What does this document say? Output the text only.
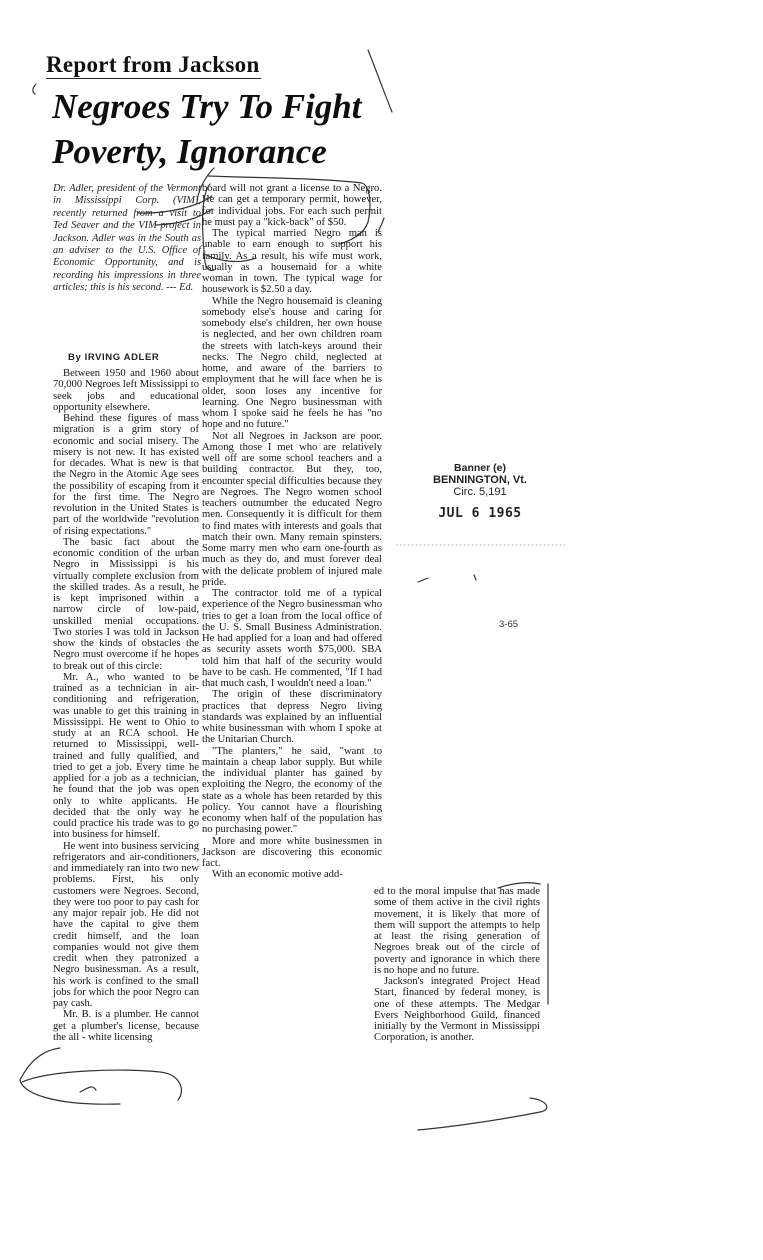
Report from Jackson
Negroes Try To Fight Poverty, Ignorance
Dr. Adler, president of the Vermont in Mississippi Corp. (VIM), recently returned from a visit to Ted Seaver and the VIM project in Jackson. Adler was in the South as an adviser to the U.S. Office of Economic Opportunity, and is recording his impressions in three articles; this is his second. --- Ed.
By IRVING ADLER

Between 1950 and 1960 about 70,000 Negroes left Mississippi to seek jobs and educational opportunity elsewhere.

Behind these figures of mass migration is a grim story of economic and social misery. The misery is not new. It has existed for decades. What is new is that the Negro in the Atomic Age sees the possibility of escaping from it for the first time. The Negro revolution in the United States is part of the worldwide "revolution of rising expectations."

The basic fact about the economic condition of the urban Negro in Mississippi is his virtually complete exclusion from the skilled trades. As a result, he is kept imprisoned within a narrow circle of low-paid, unskilled menial occupations. Two stories I was told in Jackson show the kinds of obstacles the Negro must overcome if he hopes to break out of this circle:

Mr. A., who wanted to be trained as a technician in air-conditioning and refrigeration, was unable to get this training in Mississippi. He went to Ohio to study at an RCA school. He returned to Mississippi, well-trained and fully qualified, and tried to get a job. Every time he applied for a job as a technician, he found that the job was open only to white applicants. He decided that the only way he could practice his trade was to go into business for himself.

He went into business servicing refrigerators and air-conditioners, and immediately ran into two new problems. First, his only customers were Negroes. Second, they were too poor to pay cash for any major repair job. He did not have the capital to give them credit himself, and the loan companies would not give them credit when they patronized a Negro businessman. As a result, his work is confined to the small jobs for which the poor Negro can pay cash.

Mr. B. is a plumber. He cannot get a plumber's license, because the all - white licensing

board will not grant a license to a Negro. He can get a temporary permit, however, for individual jobs. For each such permit he must pay a "kick-back" of $50.

The typical married Negro man is unable to earn enough to support his family. As a result, his wife must work, usually as a housemaid for a white woman in town. The typical wage for housework is $2.50 a day.

While the Negro housemaid is cleaning somebody else's house and caring for somebody else's children, her own house is neglected, and her own children roam the streets with latch-keys around their necks. The Negro child, neglected at home, and aware of the barriers to employment that he will face when he is older, soon loses any incentive for learning. One Negro businessman with whom I spoke said he feels he has "no hope and no future."

Not all Negroes in Jackson are poor. Among those I met who are relatively well off are some school teachers and a building contractor. But they, too, encounter special difficulties because they are Negroes. The Negro women school teachers outnumber the educated Negro men. Consequently it is difficult for them to find mates with interests and goals that match their own. Many remain spinsters. Some marry men who earn one-fourth as much as they do, and must forever deal with the delicate problem of injured male pride.

The contractor told me of a typical experience of the Negro businessman who tries to get a loan from the local office of the U. S. Small Business Administration. He had applied for a loan and had offered as security assets worth $75,000. SBA told him that half of the security would have to be cash. He commented, "If I had that much cash, I wouldn't need a loan."

The origin of these discriminatory practices that depress Negro living standards was explained by an influential white businessman with whom I spoke at the Unitarian Church.

"The planters," he said, "want to maintain a cheap labor supply. But while the individual planter has gained by exploiting the Negro, the economy of the state as a whole has been retarded by this policy. You cannot have a flourishing economy when half of the population has no purchasing power."

More and more white businessmen in Jackson are discovering this economic fact.

With an economic motive add-

ed to the moral impulse that has made some of them active in the civil rights movement, it is likely that more of them will support the attempts to help at least the rising generation of Negroes break out of the circle of poverty and ignorance in which there is no hope and no future.

Jackson's integrated Project Head Start, financed by federal money, is one of these attempts. The Medgar Evers Neighborhood Guild, financed initially by the Vermont in Mississippi Corporation, is another.

Banner (e)
BENNINGTON, Vt.
Circ. 5,191
JUL 6 1965
3-65
